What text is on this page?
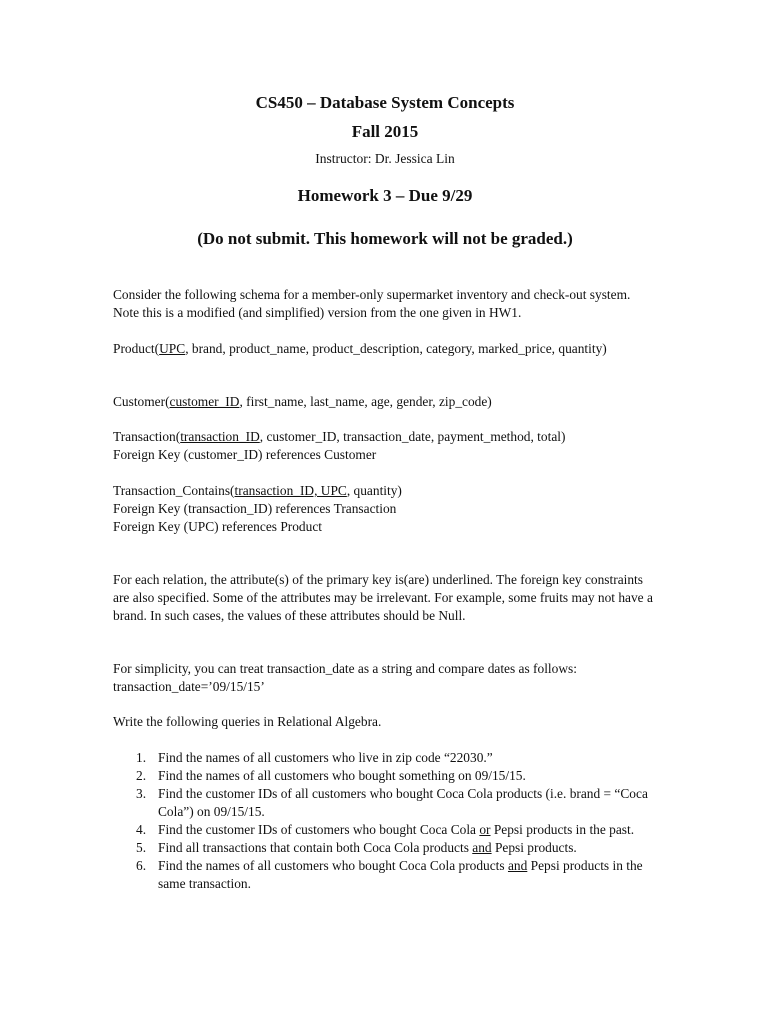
CS450 – Database System Concepts
Fall 2015
Instructor: Dr. Jessica Lin
Homework 3 – Due 9/29
(Do not submit. This homework will not be graded.)

Consider the following schema for a member-only supermarket inventory and check-out system. Note this is a modified (and simplified) version from the one given in HW1.

Product(UPC, brand, product_name, product_description, category, marked_price, quantity)

Customer(customer_ID, first_name, last_name, age, gender, zip_code)

Transaction(transaction_ID, customer_ID, transaction_date, payment_method, total)

Foreign Key (customer_ID) references Customer

Transaction_Contains(transaction_ID, UPC, quantity)

Foreign Key (transaction_ID) references Transaction

Foreign Key (UPC) references Product

For each relation, the attribute(s) of the primary key is(are) underlined. The foreign key constraints are also specified. Some of the attributes may be irrelevant. For example, some fruits may not have a brand. In such cases, the values of these attributes should be Null.

For simplicity, you can treat transaction_date as a string and compare dates as follows: transaction_date=’09/15/15’

Write the following queries in Relational Algebra.

1. Find the names of all customers who live in zip code “22030.”
2. Find the names of all customers who bought something on 09/15/15.
3. Find the customer IDs of all customers who bought Coca Cola products (i.e. brand = “Coca Cola”) on 09/15/15.
4. Find the customer IDs of customers who bought Coca Cola or Pepsi products in the past.
5. Find all transactions that contain both Coca Cola products and Pepsi products.
6. Find the names of all customers who bought Coca Cola products and Pepsi products in the same transaction.
